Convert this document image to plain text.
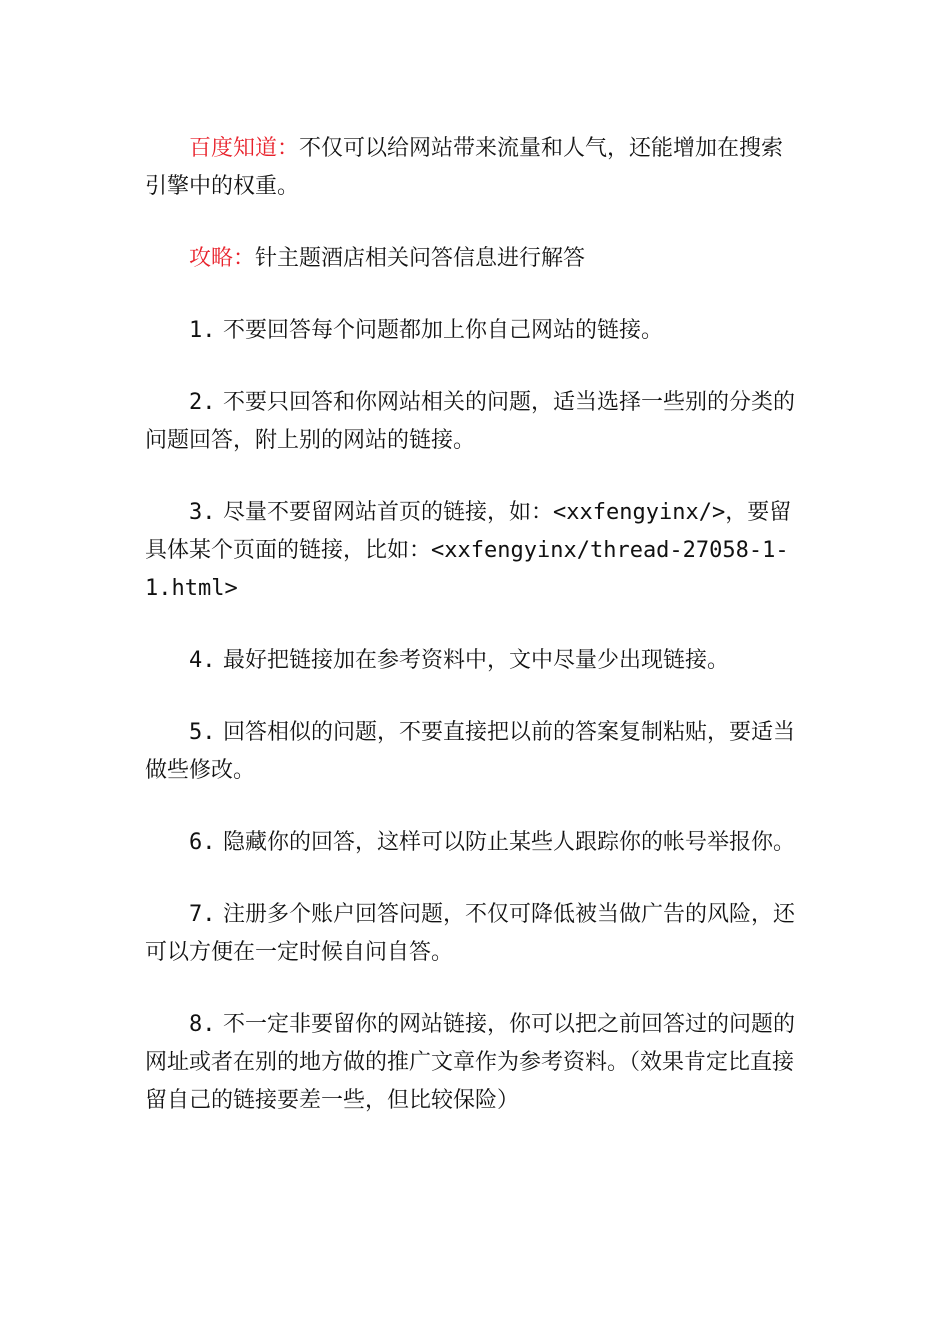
百度知道：不仅可以给网站带来流量和人气，还能增加在搜索引擎中的权重。

攻略：针主题酒店相关问答信息进行解答

1. 不要回答每个问题都加上你自己网站的链接。

2. 不要只回答和你网站相关的问题，适当选择一些别的分类的问题回答，附上别的网站的链接。

3. 尽量不要留网站首页的链接，如：<xxfengyinx/>，要留具体某个页面的链接，比如：<xxfengyinx/thread-27058-1-1.html>

4. 最好把链接加在参考资料中，文中尽量少出现链接。

5. 回答相似的问题，不要直接把以前的答案复制粘贴，要适当做些修改。

6. 隐藏你的回答，这样可以防止某些人跟踪你的帐号举报你。

7. 注册多个账户回答问题，不仅可降低被当做广告的风险，还可以方便在一定时候自问自答。

8. 不一定非要留你的网站链接，你可以把之前回答过的问题的网址或者在别的地方做的推广文章作为参考资料。（效果肯定比直接留自己的链接要差一些，但比较保险）
